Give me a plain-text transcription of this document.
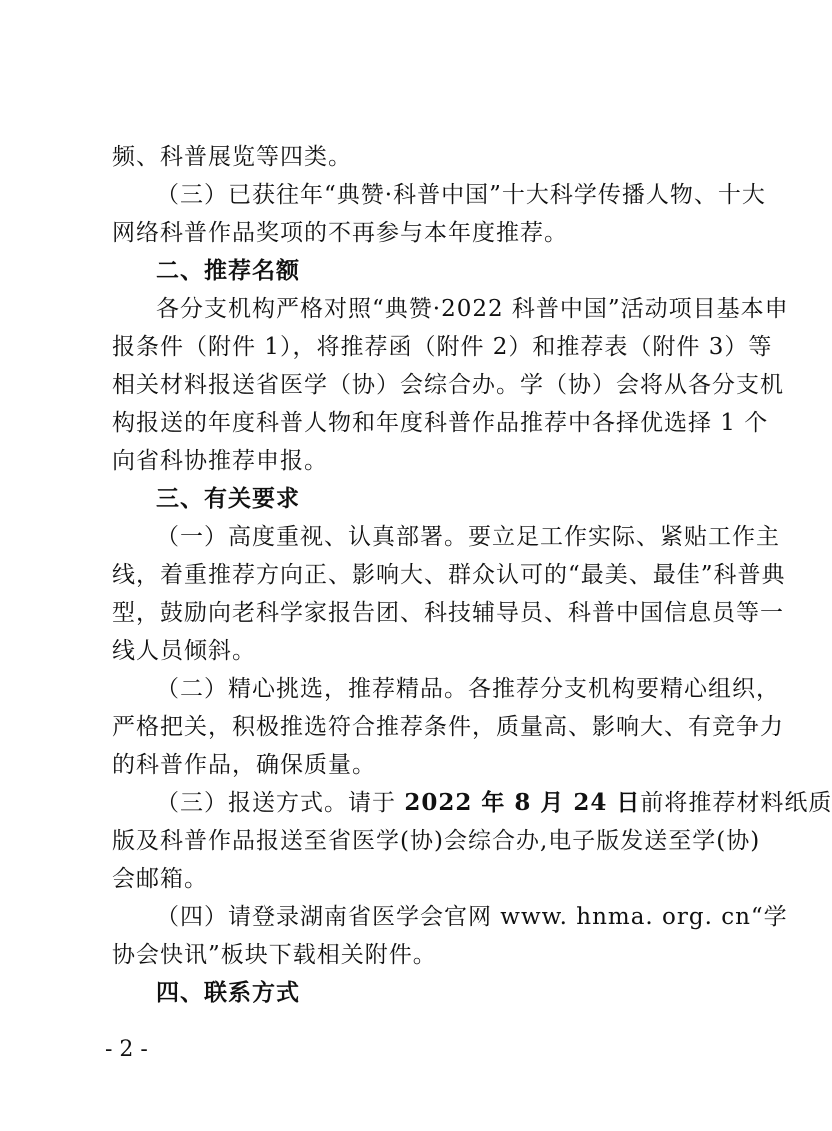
频、科普展览等四类。
（三）已获往年“典赞·科普中国”十大科学传播人物、十大
网络科普作品奖项的不再参与本年度推荐。
二、推荐名额
各分支机构严格对照“典赞·2022 科普中国”活动项目基本申
报条件（附件 1），将推荐函（附件 2）和推荐表（附件 3）等
相关材料报送省医学（协）会综合办。学（协）会将从各分支机
构报送的年度科普人物和年度科普作品推荐中各择优选择 1 个
向省科协推荐申报。
三、有关要求
（一）高度重视、认真部署。要立足工作实际、紧贴工作主
线，着重推荐方向正、影响大、群众认可的“最美、最佳”科普典
型，鼓励向老科学家报告团、科技辅导员、科普中国信息员等一
线人员倾斜。
（二）精心挑选，推荐精品。各推荐分支机构要精心组织，
严格把关，积极推选符合推荐条件，质量高、影响大、有竞争力
的科普作品，确保质量。
（三）报送方式。请于 2022 年 8 月 24 日前将推荐材料纸质
版及科普作品报送至省医学(协)会综合办,电子版发送至学(协)
会邮箱。
（四）请登录湖南省医学会官网 www. hnma. org. cn“学
协会快讯”板块下载相关附件。
四、联系方式
- 2 -
